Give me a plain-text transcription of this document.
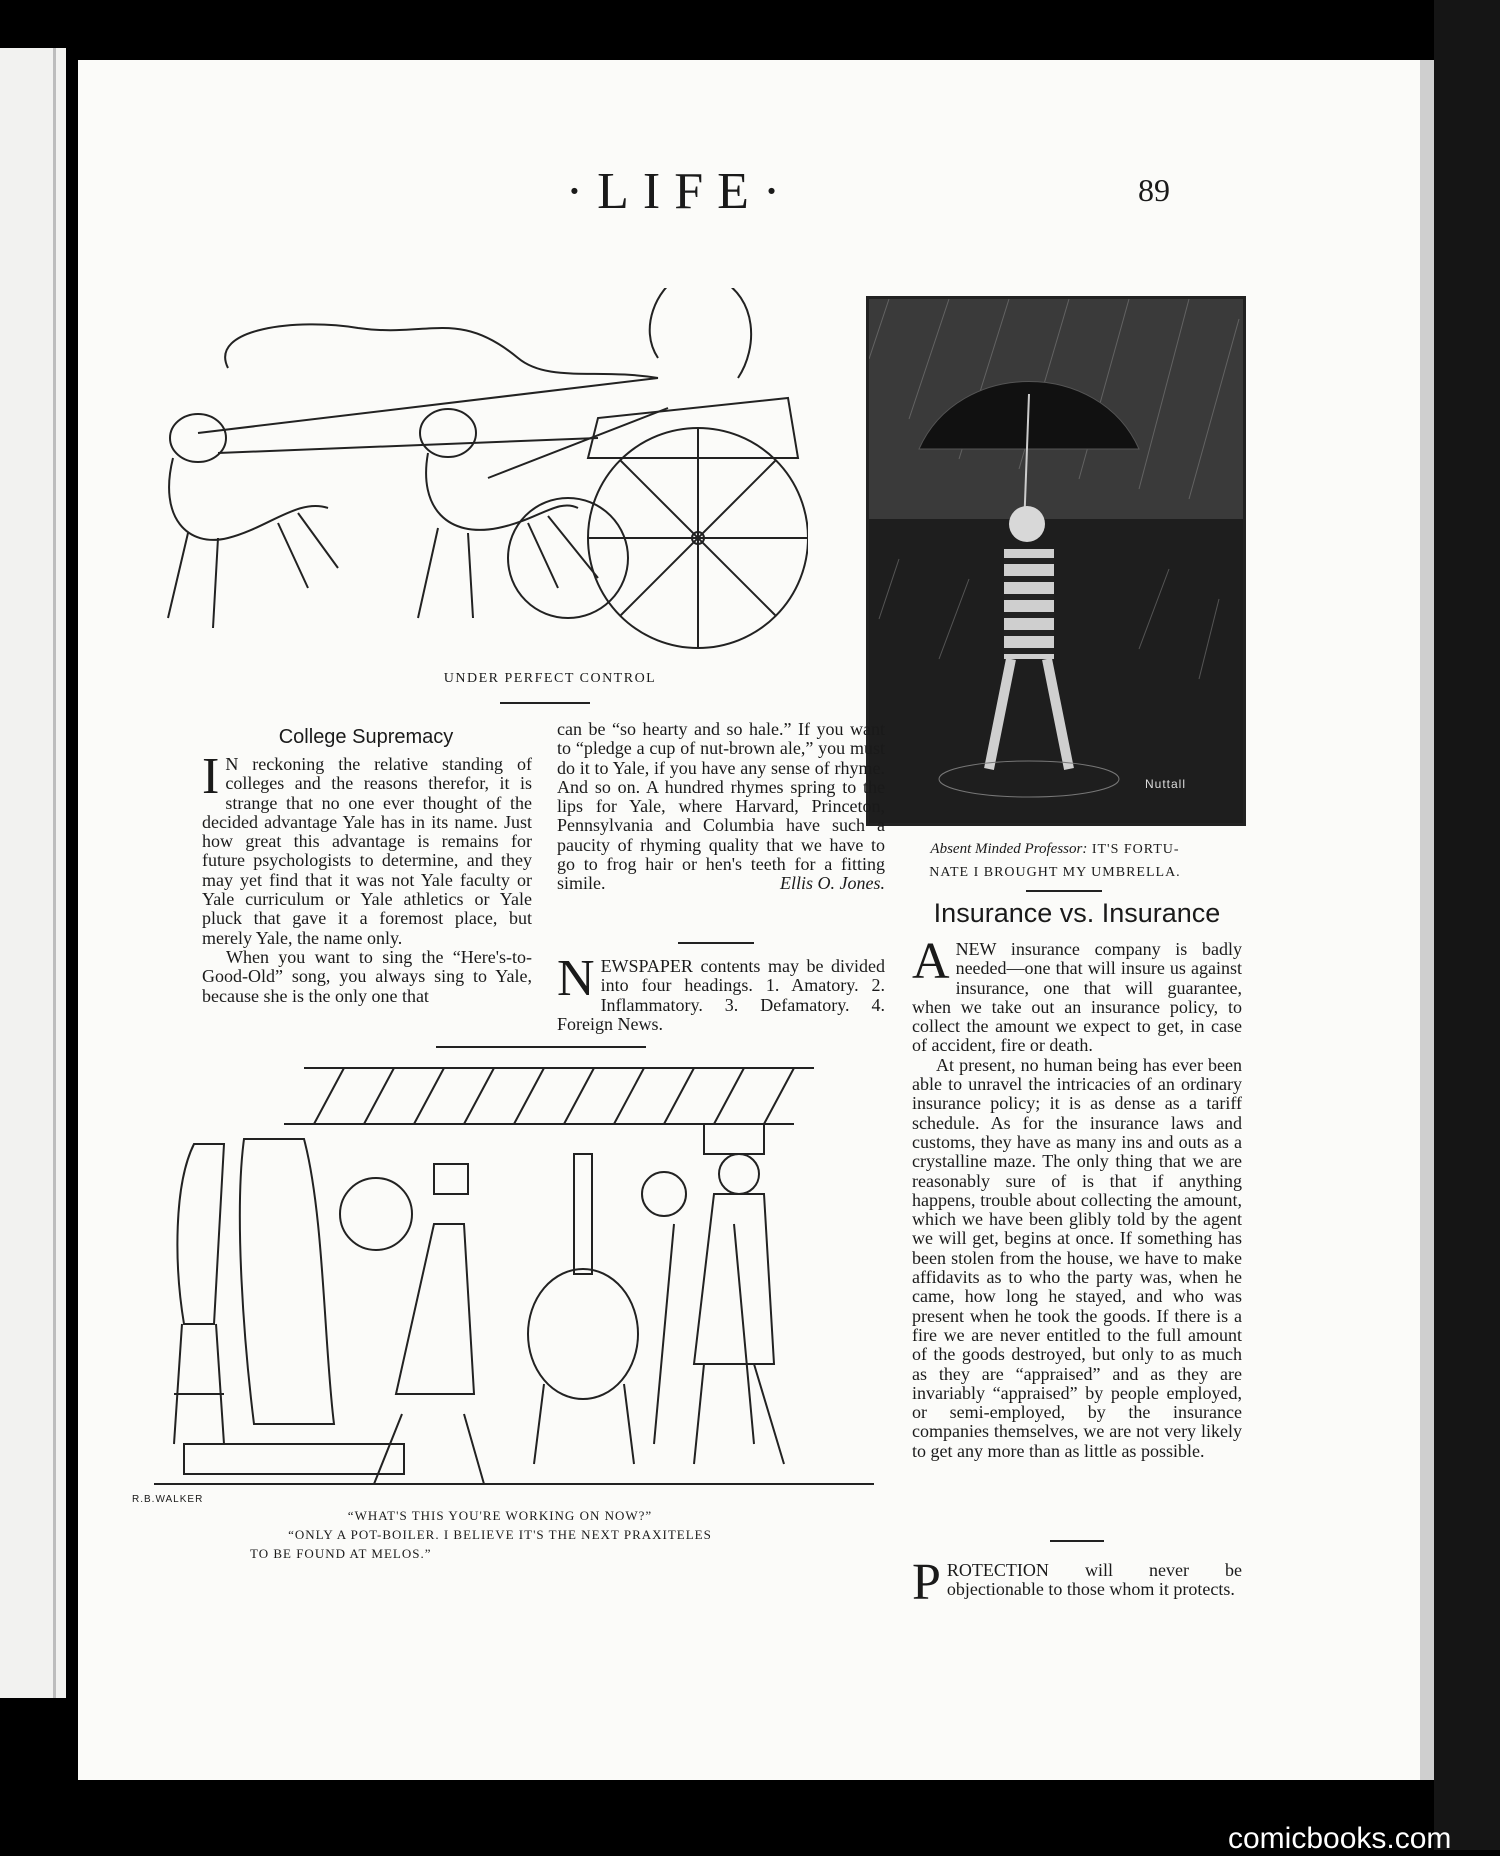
·LIFE·	89
UNDER PERFECT CONTROL
Nuttall
Absent Minded Professor: IT'S FORTU-
NATE I BROUGHT MY UMBRELLA.
College Supremacy

I N reckoning the relative standing of colleges and the reasons therefor, it is strange that no one ever thought of the decided advantage Yale has in its name. Just how great this advantage is remains for future psychologists to determine, and they may yet find that it was not Yale faculty or Yale curriculum or Yale athletics or Yale pluck that gave it a foremost place, but merely Yale, the name only.

When you want to sing the “Here's-to-Good-Old” song, you always sing to Yale, because she is the only one that

can be “so hearty and so hale.” If you want to “pledge a cup of nut-brown ale,” you must do it to Yale, if you have any sense of rhyme. And so on. A hundred rhymes spring to the lips for Yale, where Harvard, Princeton, Pennsylvania and Columbia have such a paucity of rhyming quality that we have to go to frog hair or hen's teeth for a fitting simile.	Ellis O. Jones.

NEWSPAPER contents may be divided into four headings. 1. Amatory. 2. Inflammatory. 3. Defamatory. 4. Foreign News.

R.B.WALKER
“WHAT'S THIS YOU'RE WORKING ON NOW?”
“ONLY A POT-BOILER. I BELIEVE IT'S THE NEXT PRAXITELES
TO BE FOUND AT MELOS.”
Insurance vs. Insurance

ANEW insurance company is badly needed—one that will insure us against insurance, one that will guarantee, when we take out an insurance policy, to collect the amount we expect to get, in case of accident, fire or death.

At present, no human being has ever been able to unravel the intricacies of an ordinary insurance policy; it is as dense as a tariff schedule. As for the insurance laws and customs, they have as many ins and outs as a crystalline maze. The only thing that we are reasonably sure of is that if anything happens, trouble about collecting the amount, which we have been glibly told by the agent we will get, begins at once. If something has been stolen from the house, we have to make affidavits as to who the party was, when he came, how long he stayed, and who was present when he took the goods. If there is a fire we are never entitled to the full amount of the goods destroyed, but only to as much as they are “appraised” and as they are invariably “appraised” by people employed, or semi-employed, by the insurance companies themselves, we are not very likely to get any more than as little as possible.

PROTECTION will never be objectionable to those whom it protects.

comicbooks.com
